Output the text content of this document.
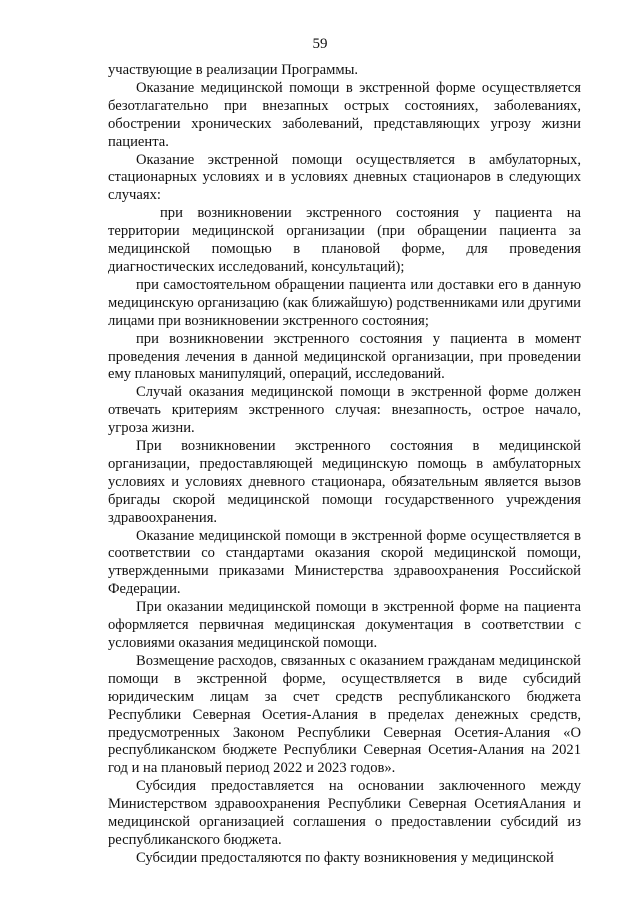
59

участвующие в реализации Программы.

Оказание медицинской помощи в экстренной форме осуществляется безотлагательно при внезапных острых состояниях, заболеваниях, обострении хронических заболеваний, представляющих угрозу жизни пациента.

Оказание экстренной помощи осуществляется в амбулаторных, стационарных условиях и в условиях дневных стационаров в следующих случаях:

при возникновении экстренного состояния у пациента на территории медицинской организации (при обращении пациента за медицинской помощью в плановой форме, для проведения диагностических исследований, консультаций);

при самостоятельном обращении пациента или доставки его в данную медицинскую организацию (как ближайшую) родственниками или другими лицами при возникновении экстренного состояния;

при возникновении экстренного состояния у пациента в момент проведения лечения в данной медицинской организации, при проведении ему плановых манипуляций, операций, исследований.

Случай оказания медицинской помощи в экстренной форме должен отвечать критериям экстренного случая: внезапность, острое начало, угроза жизни.

При возникновении экстренного состояния в медицинской организации, предоставляющей медицинскую помощь в амбулаторных условиях и условиях дневного стационара, обязательным является вызов бригады скорой медицинской помощи государственного учреждения здравоохранения.

Оказание медицинской помощи в экстренной форме осуществляется в соответствии со стандартами оказания скорой медицинской помощи, утвержденными приказами Министерства здравоохранения Российской Федерации.

При оказании медицинской помощи в экстренной форме на пациента оформляется первичная медицинская документация в соответствии с условиями оказания медицинской помощи.

Возмещение расходов, связанных с оказанием гражданам медицинской помощи в экстренной форме, осуществляется в виде субсидий юридическим лицам за счет средств республиканского бюджета Республики Северная Осетия-Алания в пределах денежных средств, предусмотренных Законом Республики Северная Осетия-Алания «О республиканском бюджете Республики Северная Осетия-Алания на 2021 год и на плановый период 2022 и 2023 годов».

Субсидия предоставляется на основании заключенного между Министерством здравоохранения Республики Северная ОсетияАлания и медицинской организацией соглашения о предоставлении субсидий из республиканского бюджета.

Субсидии предосталяются по факту возникновения у медицинской
